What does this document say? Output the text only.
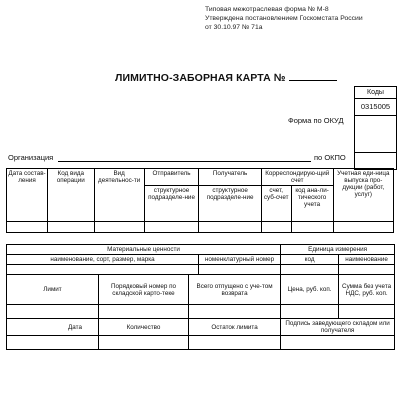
Типовая межотраслевая форма № М-8
Утверждена постановлением Госкомстата России
от 30.10.97 № 71а
ЛИМИТНО-ЗАБОРНАЯ КАРТА №
Коды
0315005
Форма по ОКУД
по ОКПО
Организация
Дата состав-ления	Код вида операции	Вид деятельнос-ти	Отправитель	Получатель	Корреспондирую-щий счет		Учетная еди-ница выпуска про-дукции (работ, услуг)
			структурное подразделе-ние	структурное подразделе-ние	счет, суб-счет	код ана-ли-тического учета	

Материальные ценности				Единица измерения	
наименование, сорт, размер, марка			номенклатурный номер	код	наименование

Лимит	Порядковый номер по складской карто-теке	Всего отпущено с уче-том возврата		Цена, руб. коп.	Сумма без учета НДС, руб. коп.

Дата	Количество	Остаток лимита		Подпись заведующего складом или получателя	
